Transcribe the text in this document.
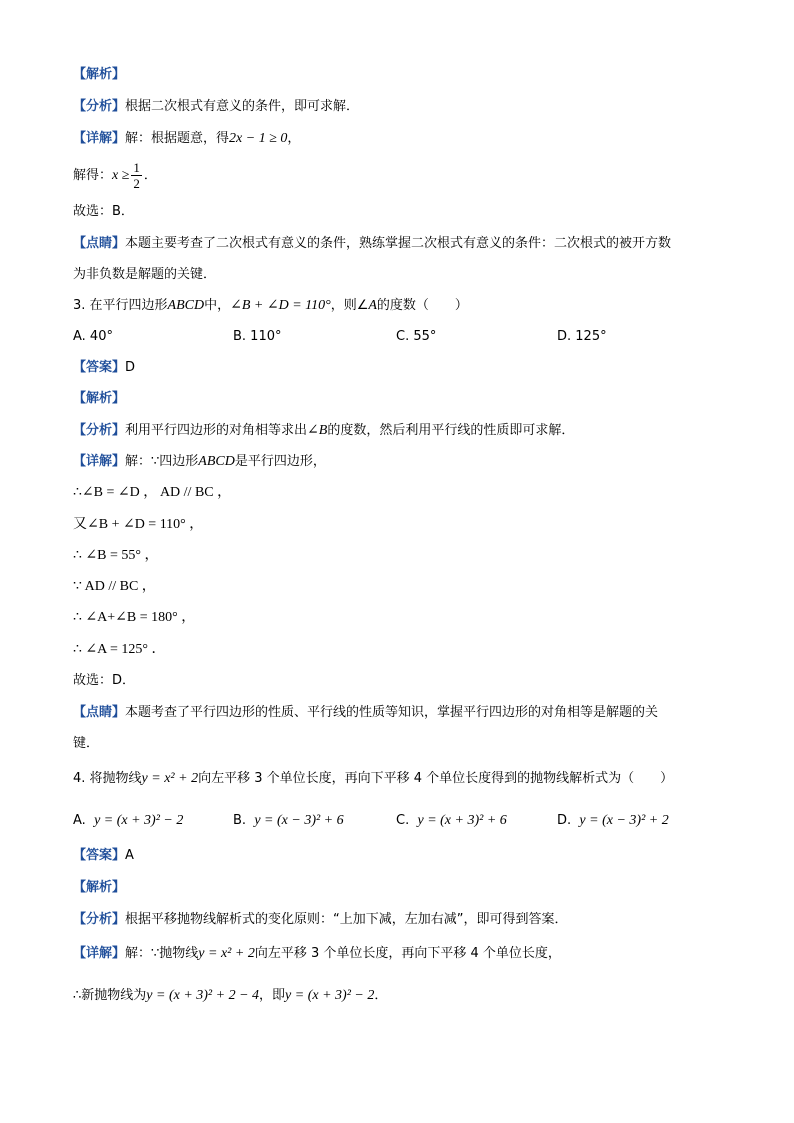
【解析】
【分析】根据二次根式有意义的条件，即可求解．
【详解】解：根据题意，得2x − 1 ≥ 0，
解得：$x \ge \frac{1}{2}$ ．
故选：B．
【点睛】本题主要考查了二次根式有意义的条件，熟练掌握二次根式有意义的条件：二次根式的被开方数
为非负数是解题的关键．
3. 在平行四边形ABCD中，∠B + ∠D = 110°，则∠A的度数（　　）
A. 40°	B. 110°	C. 55°	D. 125°
【答案】D
【解析】
【分析】利用平行四边形的对角相等求出∠B的度数，然后利用平行线的性质即可求解．
【详解】解：∵四边形ABCD是平行四边形，
∴∠B = ∠D ， AD // BC ，
又∠B + ∠D = 110° ，
∴ ∠B = 55° ，
∵ AD // BC ，
∴ ∠A+∠B = 180° ，
∴ ∠A = 125° ．
故选：D．
【点睛】本题考查了平行四边形的性质、平行线的性质等知识，掌握平行四边形的对角相等是解题的关
键．
4. 将抛物线y = x² + 2向左平移 3 个单位长度，再向下平移 4 个单位长度得到的抛物线解析式为（　　）
A. y = (x + 3)² − 2	B. y = (x − 3)² + 6	C. y = (x + 3)² + 6	D. y = (x − 3)² + 2
【答案】A
【解析】
【分析】根据平移抛物线解析式的变化原则：“上加下减，左加右减”，即可得到答案．
【详解】解：∵抛物线y = x² + 2向左平移 3 个单位长度，再向下平移 4 个单位长度，
∴新抛物线为y = (x + 3)² + 2 − 4，即y = (x + 3)² − 2．
